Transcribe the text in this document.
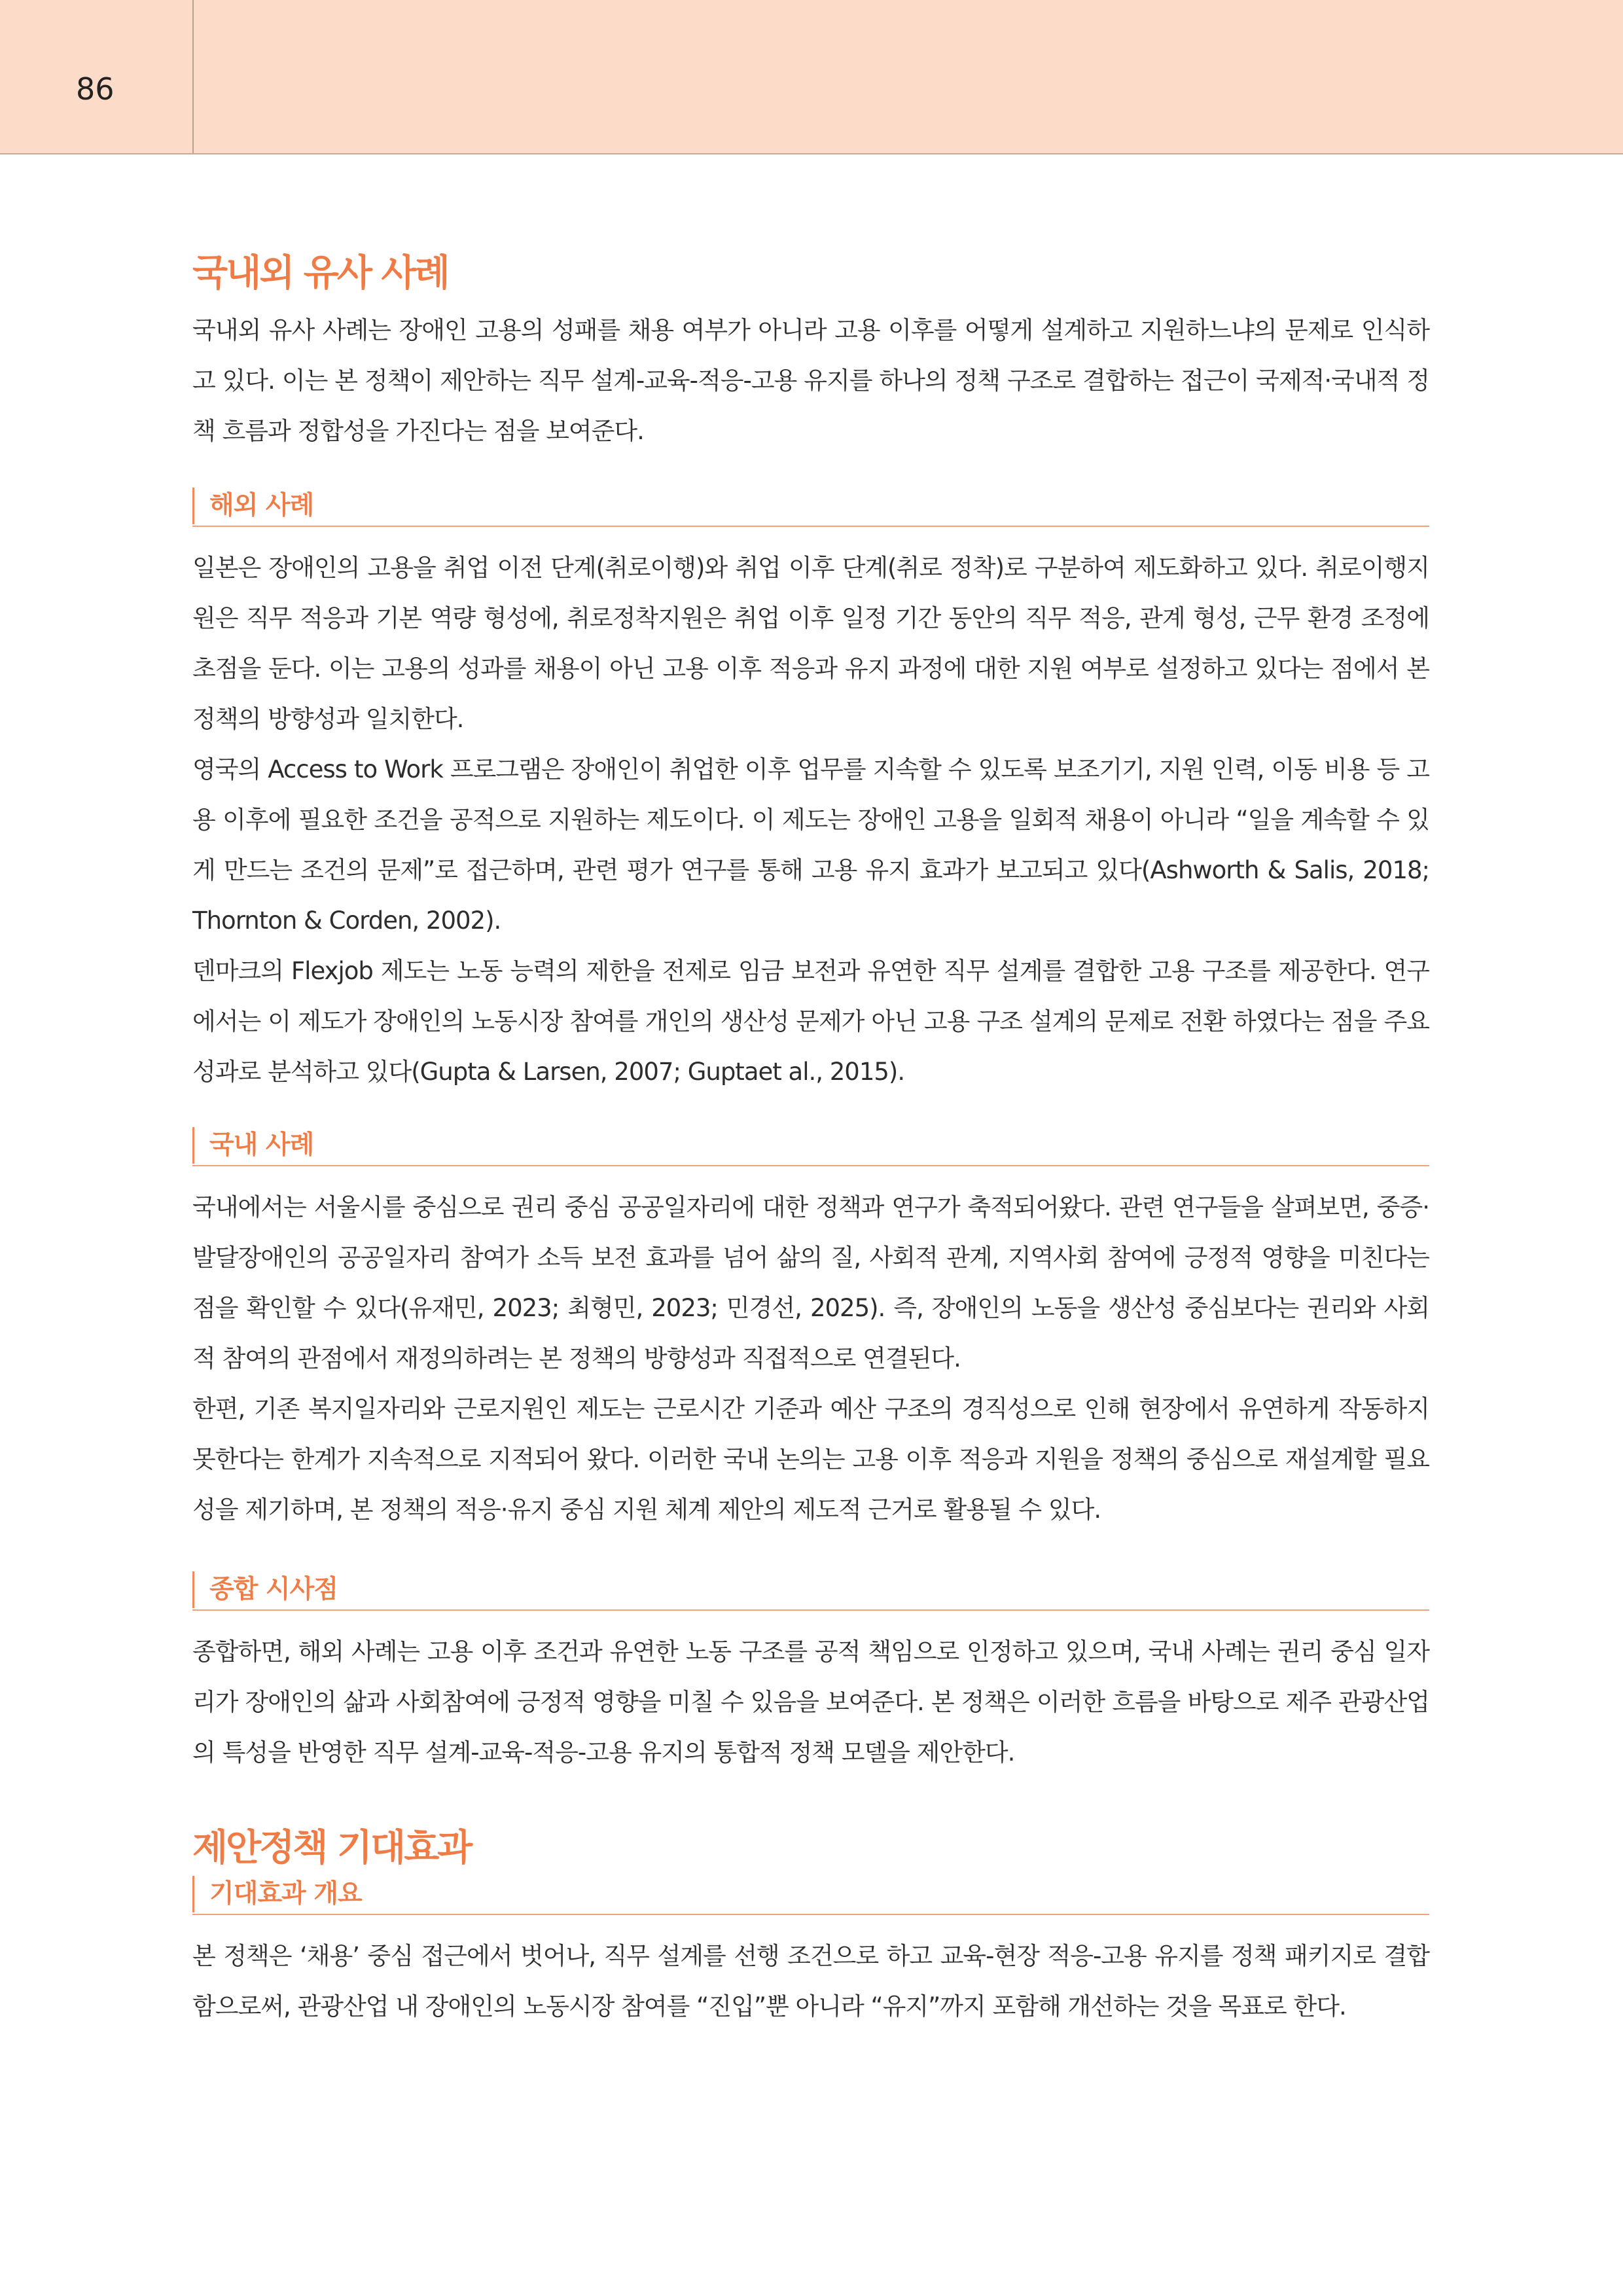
86
국내외 유사 사례

국내외 유사 사례는 장애인 고용의 성패를 채용 여부가 아니라 고용 이후를 어떻게 설계하고 지원하느냐의 문제로 인식하고 있다. 이는 본 정책이 제안하는 직무 설계-교육-적응-고용 유지를 하나의 정책 구조로 결합하는 접근이 국제적·국내적 정책 흐름과 정합성을 가진다는 점을 보여준다.

해외 사례

일본은 장애인의 고용을 취업 이전 단계(취로이행)와 취업 이후 단계(취로 정착)로 구분하여 제도화하고 있다. 취로이행지원은 직무 적응과 기본 역량 형성에, 취로정착지원은 취업 이후 일정 기간 동안의 직무 적응, 관계 형성, 근무 환경 조정에 초점을 둔다. 이는 고용의 성과를 채용이 아닌 고용 이후 적응과 유지 과정에 대한 지원 여부로 설정하고 있다는 점에서 본 정책의 방향성과 일치한다.

영국의 Access to Work 프로그램은 장애인이 취업한 이후 업무를 지속할 수 있도록 보조기기, 지원 인력, 이동 비용 등 고용 이후에 필요한 조건을 공적으로 지원하는 제도이다. 이 제도는 장애인 고용을 일회적 채용이 아니라 “일을 계속할 수 있게 만드는 조건의 문제”로 접근하며, 관련 평가 연구를 통해 고용 유지 효과가 보고되고 있다(Ashworth & Salis, 2018; Thornton & Corden, 2002).

덴마크의 Flexjob 제도는 노동 능력의 제한을 전제로 임금 보전과 유연한 직무 설계를 결합한 고용 구조를 제공한다. 연구에서는 이 제도가 장애인의 노동시장 참여를 개인의 생산성 문제가 아닌 고용 구조 설계의 문제로 전환 하였다는 점을 주요 성과로 분석하고 있다(Gupta & Larsen, 2007; Guptaet al., 2015).

국내 사례

국내에서는 서울시를 중심으로 권리 중심 공공일자리에 대한 정책과 연구가 축적되어왔다. 관련 연구들을 살펴보면, 중증·발달장애인의 공공일자리 참여가 소득 보전 효과를 넘어 삶의 질, 사회적 관계, 지역사회 참여에 긍정적 영향을 미친다는 점을 확인할 수 있다(유재민, 2023; 최형민, 2023; 민경선, 2025). 즉, 장애인의 노동을 생산성 중심보다는 권리와 사회적 참여의 관점에서 재정의하려는 본 정책의 방향성과 직접적으로 연결된다.

한편, 기존 복지일자리와 근로지원인 제도는 근로시간 기준과 예산 구조의 경직성으로 인해 현장에서 유연하게 작동하지 못한다는 한계가 지속적으로 지적되어 왔다. 이러한 국내 논의는 고용 이후 적응과 지원을 정책의 중심으로 재설계할 필요성을 제기하며, 본 정책의 적응·유지 중심 지원 체계 제안의 제도적 근거로 활용될 수 있다.

종합 시사점

종합하면, 해외 사례는 고용 이후 조건과 유연한 노동 구조를 공적 책임으로 인정하고 있으며, 국내 사례는 권리 중심 일자리가 장애인의 삶과 사회참여에 긍정적 영향을 미칠 수 있음을 보여준다. 본 정책은 이러한 흐름을 바탕으로 제주 관광산업의 특성을 반영한 직무 설계-교육-적응-고용 유지의 통합적 정책 모델을 제안한다.

제안정책 기대효과
기대효과 개요

본 정책은 ‘채용’ 중심 접근에서 벗어나, 직무 설계를 선행 조건으로 하고 교육-현장 적응-고용 유지를 정책 패키지로 결합함으로써, 관광산업 내 장애인의 노동시장 참여를 “진입”뿐 아니라 “유지”까지 포함해 개선하는 것을 목표로 한다.
